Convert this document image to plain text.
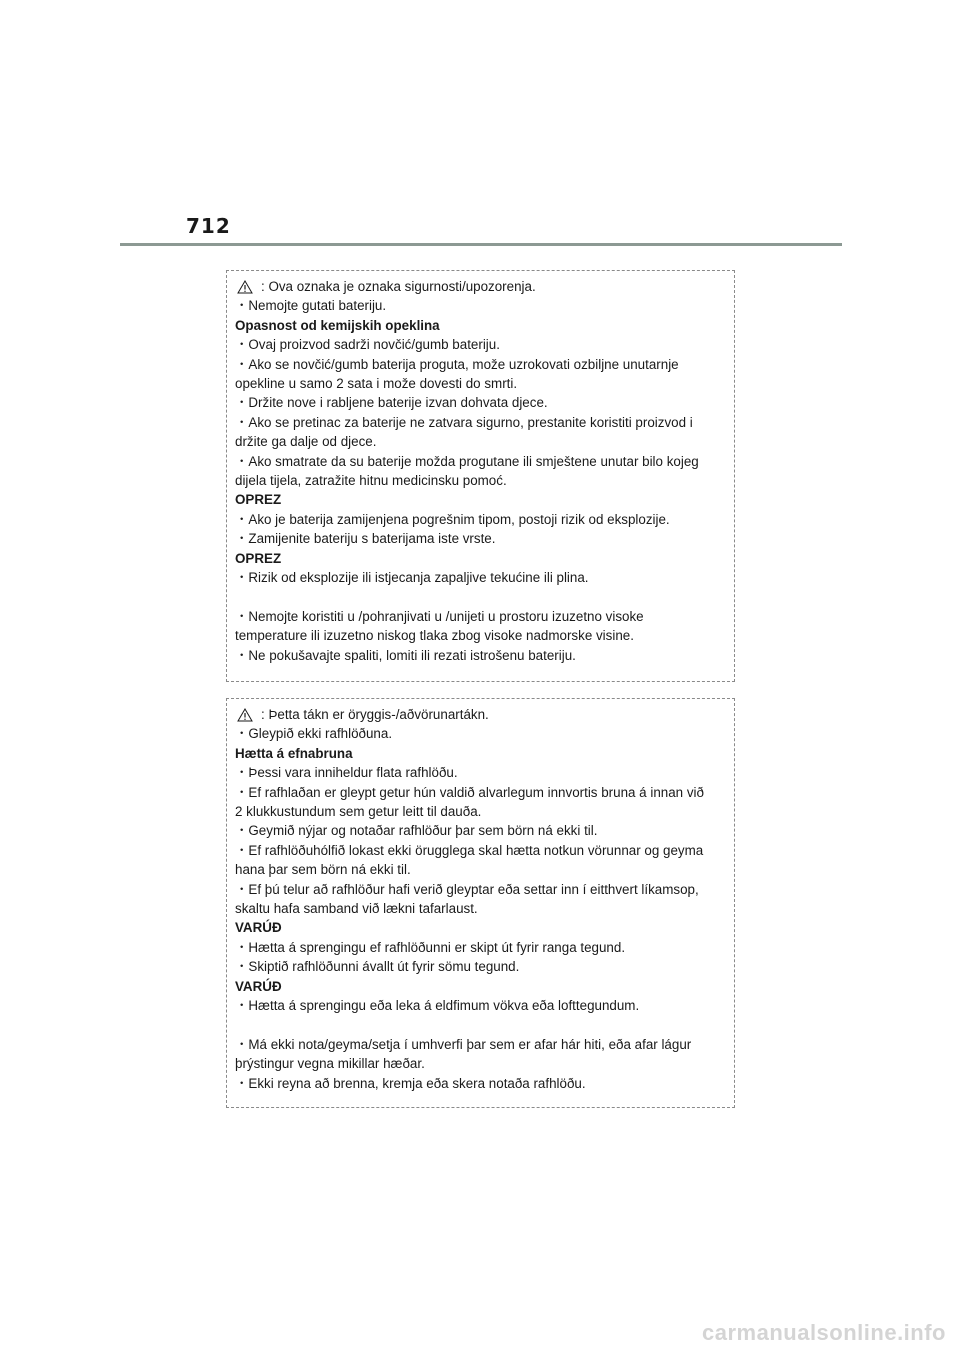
712
: Ova oznaka je oznaka sigurnosti/upozorenja.
・Nemojte gutati bateriju.
Opasnost od kemijskih opeklina
・Ovaj proizvod sadrži novčić/gumb bateriju.
・Ako se novčić/gumb baterija proguta, može uzrokovati ozbiljne unutarnje
opekline u samo 2 sata i može dovesti do smrti.
・Držite nove i rabljene baterije izvan dohvata djece.
・Ako se pretinac za baterije ne zatvara sigurno, prestanite koristiti proizvod i
držite ga dalje od djece.
・Ako smatrate da su baterije možda progutane ili smještene unutar bilo kojeg
dijela tijela, zatražite hitnu medicinsku pomoć.
OPREZ
・Ako je baterija zamijenjena pogrešnim tipom, postoji rizik od eksplozije.
・Zamijenite bateriju s baterijama iste vrste.
OPREZ
・Rizik od eksplozije ili istjecanja zapaljive tekućine ili plina.
・Nemojte koristiti u /pohranjivati u /unijeti u prostoru izuzetno visoke
temperature ili izuzetno niskog tlaka zbog visoke nadmorske visine.
・Ne pokušavajte spaliti, lomiti ili rezati istrošenu bateriju.
: Þetta tákn er öryggis-/aðvörunartákn.
・Gleypið ekki rafhlöðuna.
Hætta á efnabruna
・Þessi vara inniheldur flata rafhlöðu.
・Ef rafhlaðan er gleypt getur hún valdið alvarlegum innvortis bruna á innan við
2 klukkustundum sem getur leitt til dauða.
・Geymið nýjar og notaðar rafhlöður þar sem börn ná ekki til.
・Ef rafhlöðuhólfið lokast ekki örugglega skal hætta notkun vörunnar og geyma
hana þar sem börn ná ekki til.
・Ef þú telur að rafhlöður hafi verið gleyptar eða settar inn í eitthvert líkamsop,
skaltu hafa samband við lækni tafarlaust.
VARÚÐ
・Hætta á sprengingu ef rafhlöðunni er skipt út fyrir ranga tegund.
・Skiptið rafhlöðunni ávallt út fyrir sömu tegund.
VARÚÐ
・Hætta á sprengingu eða leka á eldfimum vökva eða lofttegundum.
・Má ekki nota/geyma/setja í umhverfi þar sem er afar hár hiti, eða afar lágur
þrýstingur vegna mikillar hæðar.
・Ekki reyna að brenna, kremja eða skera notaða rafhlöðu.
carmanualsonline.info
